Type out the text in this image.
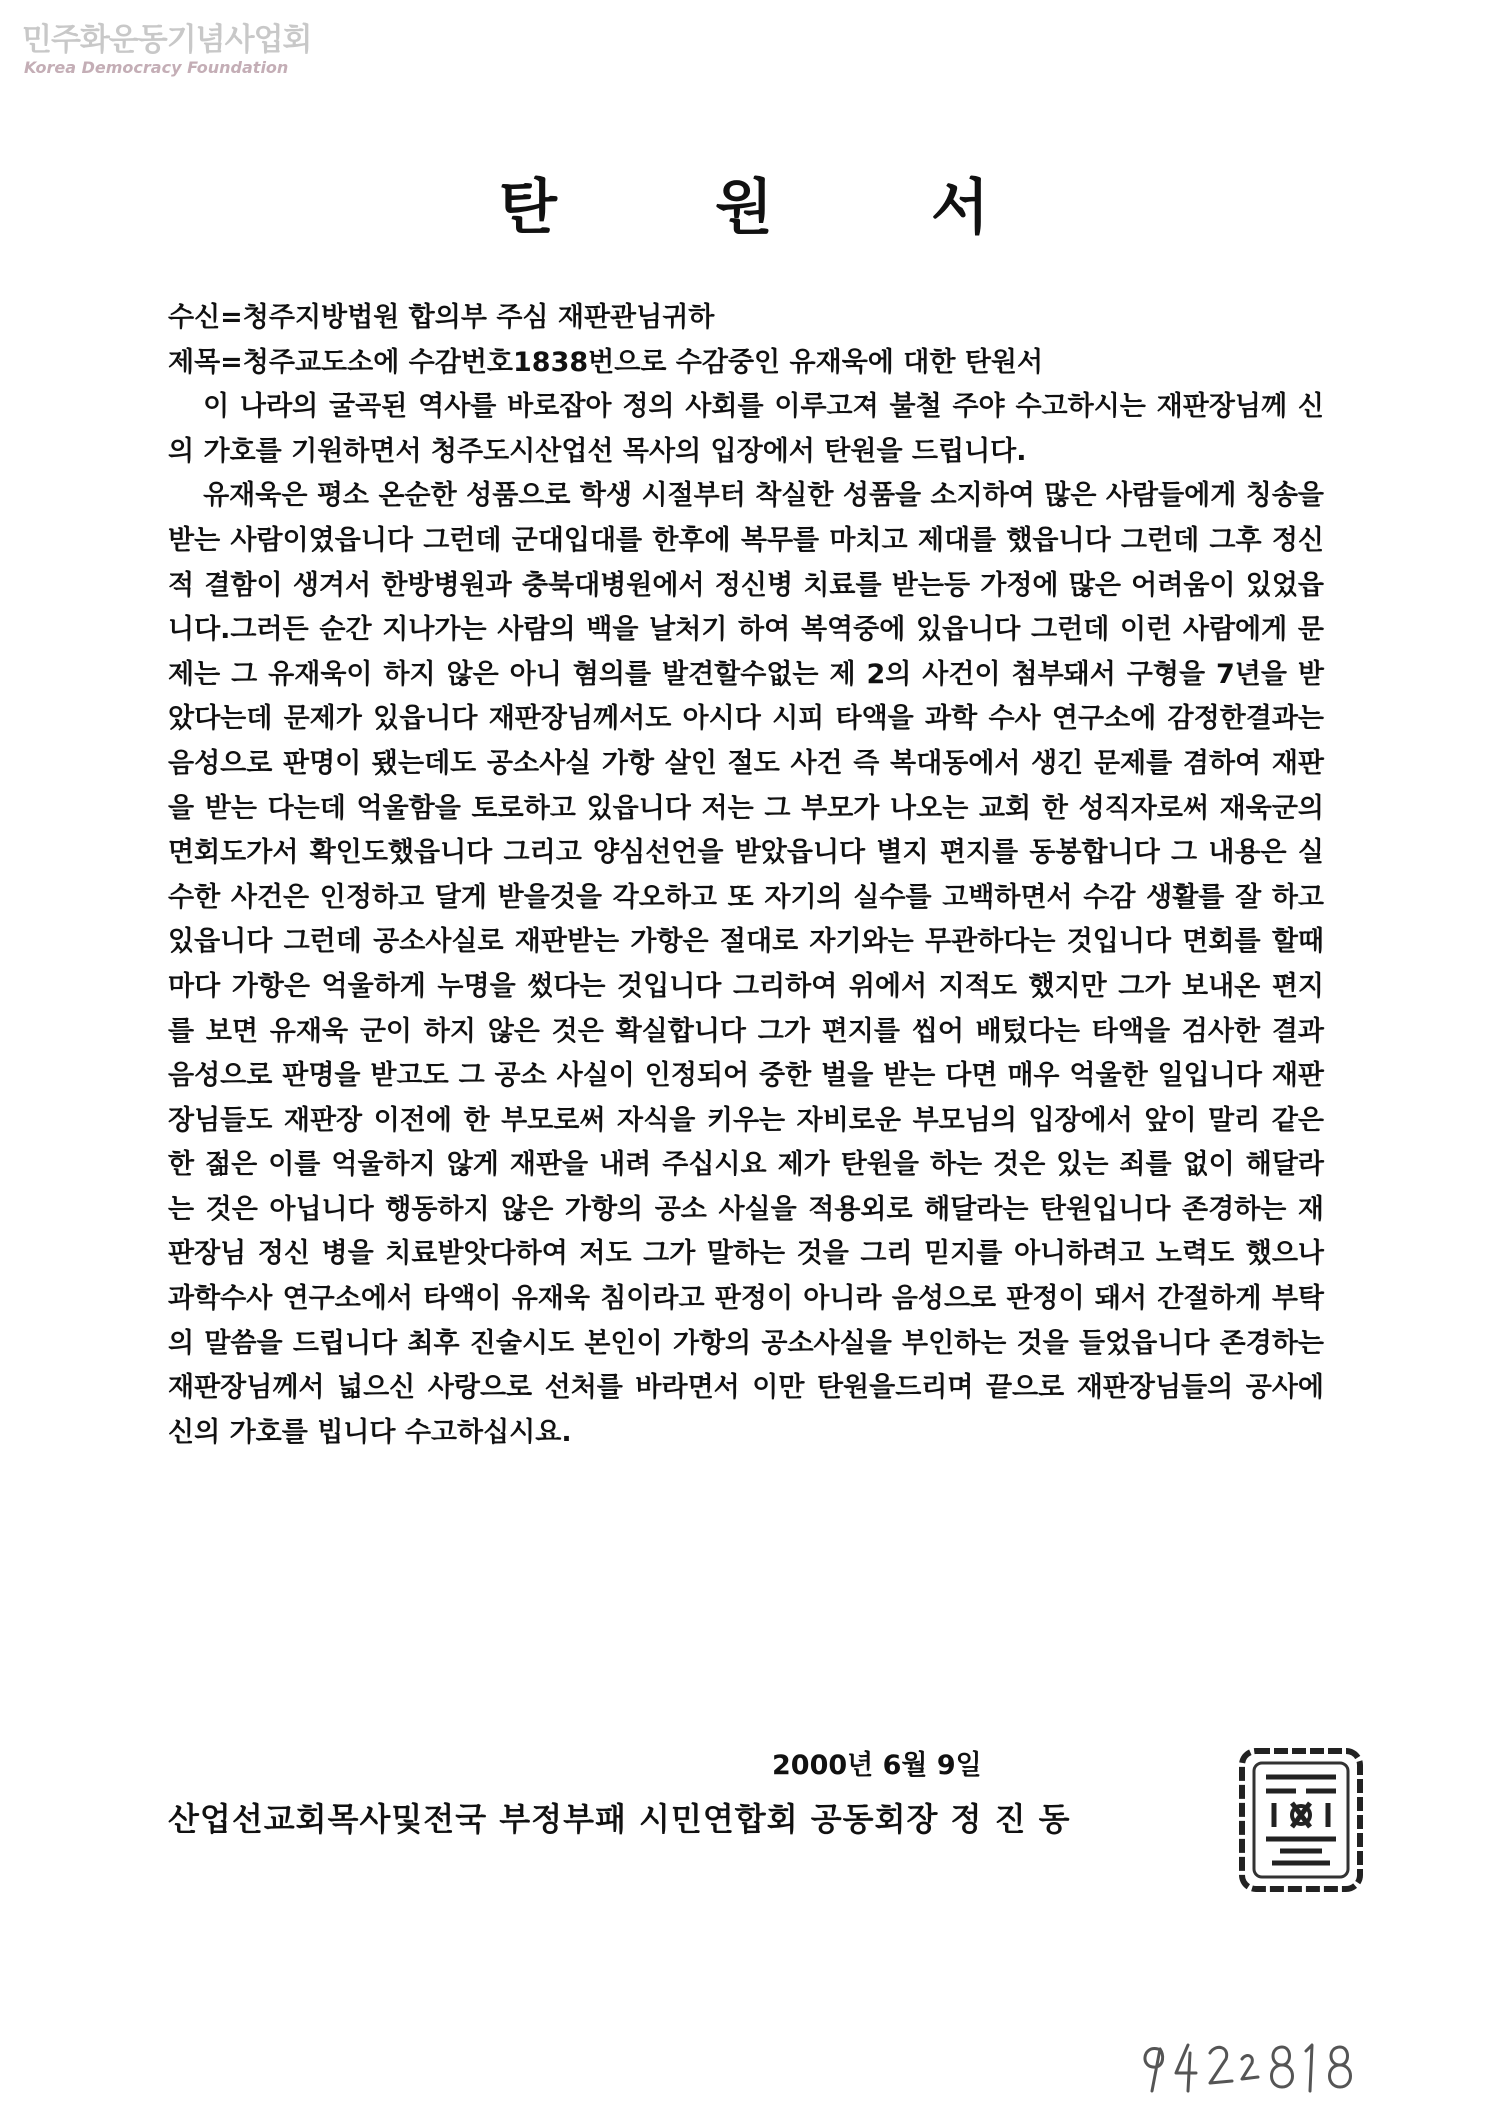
민주화운동기념사업회
Korea Democracy Foundation
탄원서

수신=청주지방법원 합의부 주심 재판관님귀하

제목=청주교도소에 수감번호1838번으로 수감중인 유재욱에 대한 탄원서

이 나라의 굴곡된 역사를 바로잡아 정의 사회를 이루고져 불철 주야 수고하시는 재판장님께 신의 가호를 기원하면서 청주도시산업선 목사의 입장에서 탄원을 드립니다.

유재욱은 평소 온순한 성품으로 학생 시절부터 착실한 성품을 소지하여 많은 사람들에게 칭송을 받는 사람이였읍니다 그런데 군대입대를 한후에 복무를 마치고 제대를 했읍니다 그런데 그후 정신적 결함이 생겨서 한방병원과 충북대병원에서 정신병 치료를 받는등 가정에 많은 어려움이 있었읍니다.그러든 순간 지나가는 사람의 백을 날처기 하여 복역중에 있읍니다 그런데 이런 사람에게 문제는 그 유재욱이 하지 않은 아니 혐의를 발견할수없는 제 2의 사건이 첨부돼서 구형을 7년을 받았다는데 문제가 있읍니다 재판장님께서도 아시다 시피 타액을 과학 수사 연구소에 감정한결과는 음성으로 판명이 됐는데도 공소사실 가항 살인 절도 사건 즉 복대동에서 생긴 문제를 겸하여 재판을 받는 다는데 억울함을 토로하고 있읍니다 저는 그 부모가 나오는 교회 한 성직자로써 재욱군의 면회도가서 확인도했읍니다 그리고 양심선언을 받았읍니다 별지 편지를 동봉합니다 그 내용은 실수한 사건은 인정하고 달게 받을것을 각오하고 또 자기의 실수를 고백하면서 수감 생활를 잘 하고 있읍니다 그런데 공소사실로 재판받는 가항은 절대로 자기와는 무관하다는 것입니다 면회를 할때마다 가항은 억울하게 누명을 썼다는 것입니다 그리하여 위에서 지적도 했지만 그가 보내온 편지를 보면 유재욱 군이 하지 않은 것은 확실합니다 그가 편지를 씹어 배텄다는 타액을 검사한 결과 음성으로 판명을 받고도 그 공소 사실이 인정되어 중한 벌을 받는 다면 매우 억울한 일입니다 재판장님들도 재판장 이전에 한 부모로써 자식을 키우는 자비로운 부모님의 입장에서 앞이 말리 같은 한 젊은 이를 억울하지 않게 재판을 내려 주십시요 제가 탄원을 하는 것은 있는 죄를 없이 해달라는 것은 아닙니다 행동하지 않은 가항의 공소 사실을 적용외로 해달라는 탄원입니다 존경하는 재판장님 정신 병을 치료받앗다하여 저도 그가 말하는 것을 그리 믿지를 아니하려고 노력도 했으나 과학수사 연구소에서 타액이 유재욱 침이라고 판정이 아니라 음성으로 판정이 돼서 간절하게 부탁의 말씀을 드립니다 최후 진술시도 본인이 가항의 공소사실을 부인하는 것을 들었읍니다 존경하는 재판장님께서 넓으신 사랑으로 선처를 바라면서 이만 탄원을드리며 끝으로 재판장님들의 공사에 신의 가호를 빕니다 수고하십시요.

2000년 6월 9일
산업선교회목사및전국 부정부패 시민연합회 공동회장 정 진 동
